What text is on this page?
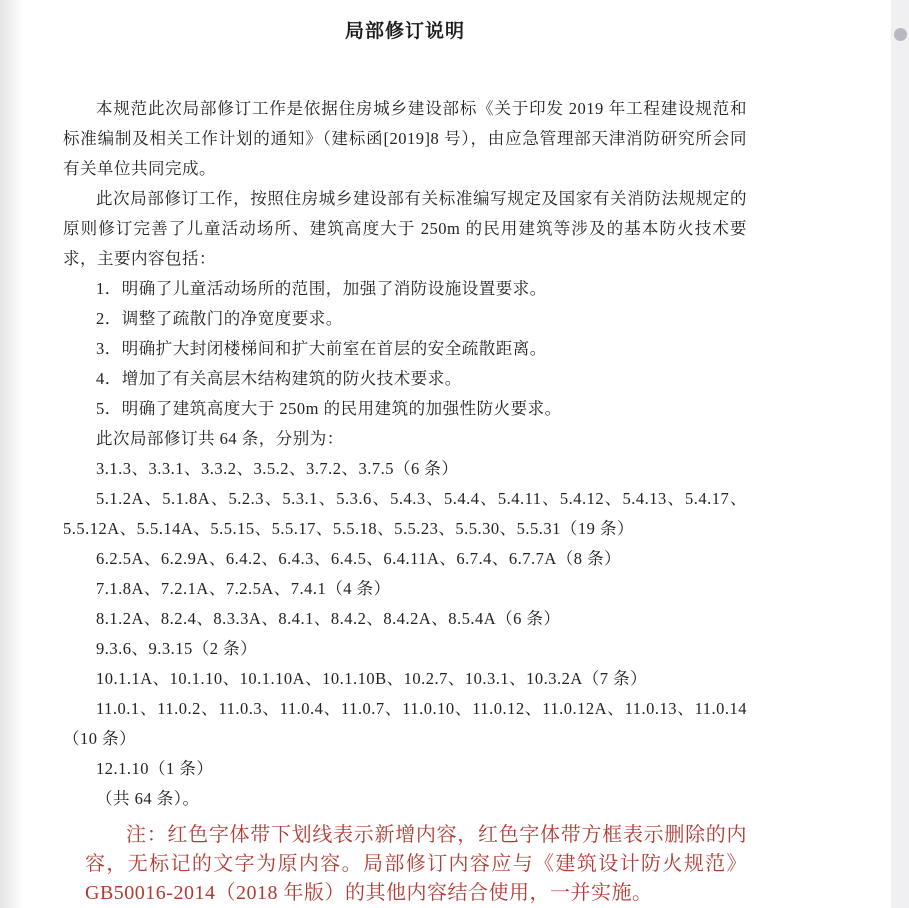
局部修订说明

本规范此次局部修订工作是依据住房城乡建设部标《关于印发 2019 年工程建设规范和标准编制及相关工作计划的通知》（建标函[2019]8 号），由应急管理部天津消防研究所会同有关单位共同完成。

此次局部修订工作，按照住房城乡建设部有关标准编写规定及国家有关消防法规规定的原则修订完善了儿童活动场所、建筑高度大于 250m 的民用建筑等涉及的基本防火技术要求，主要内容包括：

1．明确了儿童活动场所的范围，加强了消防设施设置要求。

2．调整了疏散门的净宽度要求。

3．明确扩大封闭楼梯间和扩大前室在首层的安全疏散距离。

4．增加了有关高层木结构建筑的防火技术要求。

5．明确了建筑高度大于 250m 的民用建筑的加强性防火要求。

此次局部修订共 64 条，分别为：

3.1.3、3.3.1、3.3.2、3.5.2、3.7.2、3.7.5（6 条）

5.1.2A、5.1.8A、5.2.3、5.3.1、5.3.6、5.4.3、5.4.4、5.4.11、5.4.12、5.4.13、5.4.17、5.5.12A、5.5.14A、5.5.15、5.5.17、5.5.18、5.5.23、5.5.30、5.5.31（19 条）

6.2.5A、6.2.9A、6.4.2、6.4.3、6.4.5、6.4.11A、6.7.4、6.7.7A（8 条）

7.1.8A、7.2.1A、7.2.5A、7.4.1（4 条）

8.1.2A、8.2.4、8.3.3A、8.4.1、8.4.2、8.4.2A、8.5.4A（6 条）

9.3.6、9.3.15（2 条）

10.1.1A、10.1.10、10.1.10A、10.1.10B、10.2.7、10.3.1、10.3.2A（7 条）

11.0.1、11.0.2、11.0.3、11.0.4、11.0.7、11.0.10、11.0.12、11.0.12A、11.0.13、11.0.14（10 条）

12.1.10（1 条）

（共 64 条）。

注：红色字体带下划线表示新增内容，红色字体带方框表示删除的内容，无标记的文字为原内容。局部修订内容应与《建筑设计防火规范》GB50016-2014（2018 年版）的其他内容结合使用，一并实施。
